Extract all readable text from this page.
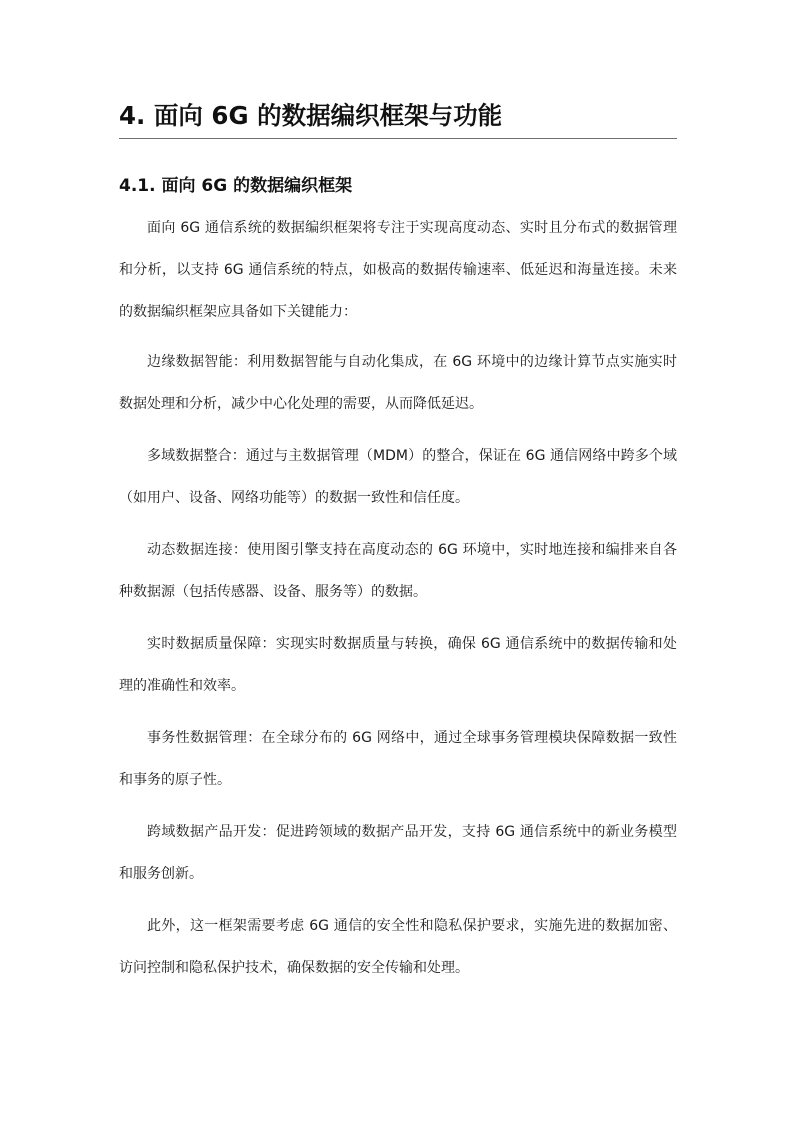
4. 面向 6G 的数据编织框架与功能
4.1. 面向 6G 的数据编织框架

面向 6G 通信系统的数据编织框架将专注于实现高度动态、实时且分布式的数据管理和分析，以支持 6G 通信系统的特点，如极高的数据传输速率、低延迟和海量连接。未来的数据编织框架应具备如下关键能力：

边缘数据智能：利用数据智能与自动化集成，在 6G 环境中的边缘计算节点实施实时数据处理和分析，减少中心化处理的需要，从而降低延迟。

多域数据整合：通过与主数据管理（MDM）的整合，保证在 6G 通信网络中跨多个域（如用户、设备、网络功能等）的数据一致性和信任度。

动态数据连接：使用图引擎支持在高度动态的 6G 环境中，实时地连接和编排来自各种数据源（包括传感器、设备、服务等）的数据。

实时数据质量保障：实现实时数据质量与转换，确保 6G 通信系统中的数据传输和处理的准确性和效率。

事务性数据管理：在全球分布的 6G 网络中，通过全球事务管理模块保障数据一致性和事务的原子性。

跨域数据产品开发：促进跨领域的数据产品开发，支持 6G 通信系统中的新业务模型和服务创新。

此外，这一框架需要考虑 6G 通信的安全性和隐私保护要求，实施先进的数据加密、访问控制和隐私保护技术，确保数据的安全传输和处理。
